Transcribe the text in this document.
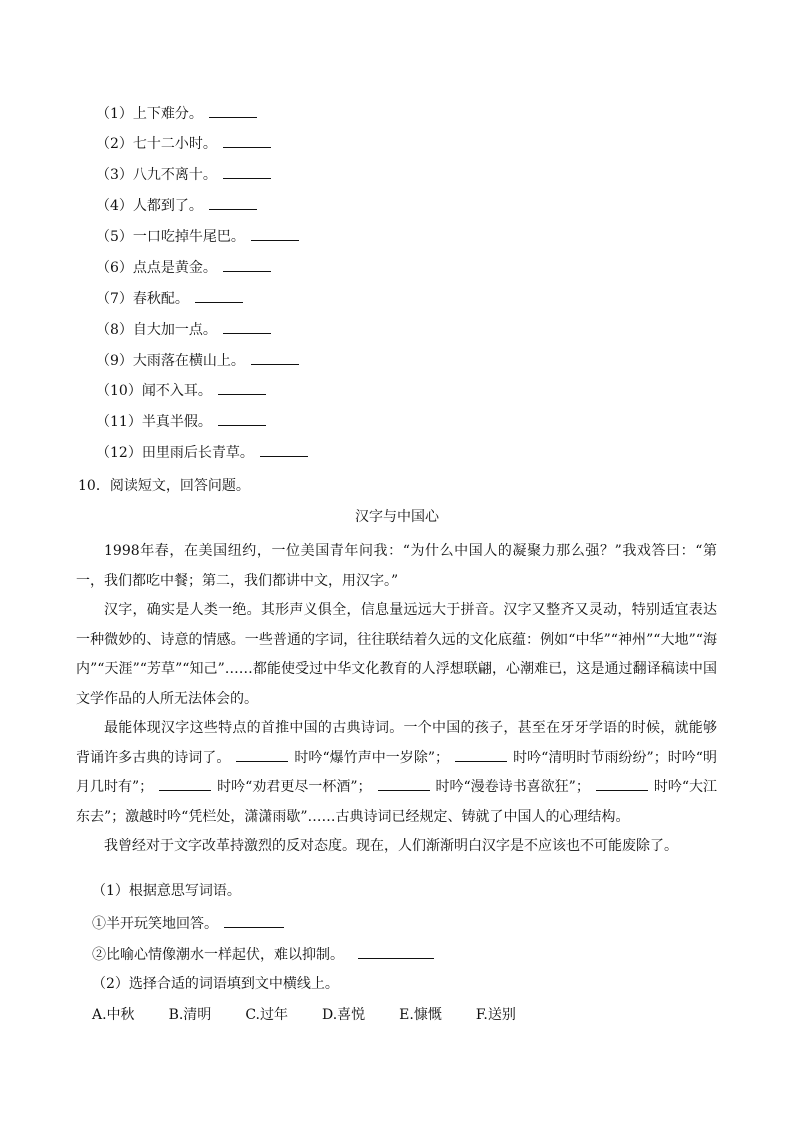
（1）上下难分。
（2）七十二小时。
（3）八九不离十。
（4）人都到了。
（5）一口吃掉牛尾巴。
（6）点点是黄金。
（7）春秋配。
（8）自大加一点。
（9）大雨落在横山上。
（10）闻不入耳。
（11）半真半假。
（12）田里雨后长青草。
10．阅读短文，回答问题。
汉字与中国心

1998年春，在美国纽约，一位美国青年问我：“为什么中国人的凝聚力那么强？”我戏答曰：“第一，我们都吃中餐；第二，我们都讲中文，用汉字。”

汉字，确实是人类一绝。其形声义俱全，信息量远远大于拼音。汉字又整齐又灵动，特别适宜表达一种微妙的、诗意的情感。一些普通的字词，往往联结着久远的文化底蕴：例如“中华”“神州”“大地”“海内”“天涯”“芳草”“知己”……都能使受过中华文化教育的人浮想联翩，心潮难已，这是通过翻译稿读中国文学作品的人所无法体会的。

最能体现汉字这些特点的首推中国的古典诗词。一个中国的孩子，甚至在牙牙学语的时候，就能够背诵许多古典的诗词了。	时吟“爆竹声中一岁除”；	时吟“清明时节雨纷纷”；时吟“明月几时有”；	时吟“劝君更尽一杯酒”；	时吟“漫卷诗书喜欲狂”；	时吟“大江东去”；激越时吟“凭栏处，潇潇雨歇”……古典诗词已经规定、铸就了中国人的心理结构。

我曾经对于文字改革持激烈的反对态度。现在，人们渐渐明白汉字是不应该也不可能废除了。

（1）根据意思写词语。
①半开玩笑地回答。
②比喻心情像潮水一样起伏，难以抑制。
（2）选择合适的词语填到文中横线上。
A.中秋 B.清明 C.过年 D.喜悦 E.慷慨 F.送别
